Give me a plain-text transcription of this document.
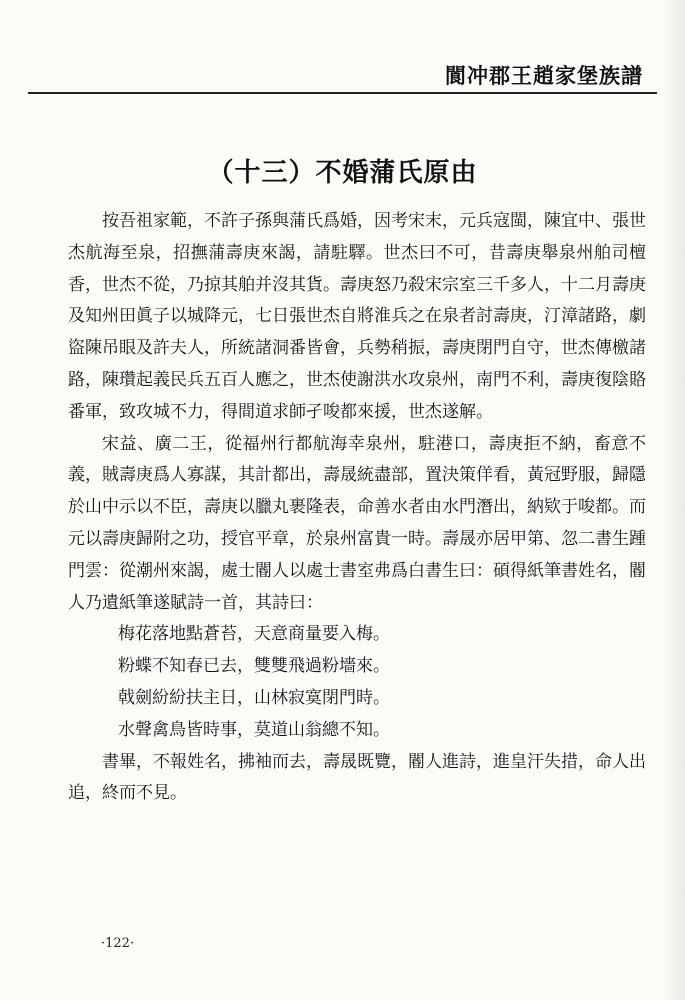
閬冲郡王趙家堡族譜
（十三）不婚蒲氏原由

按吾祖家範，不許子孫與蒲氏爲婚，因考宋末，元兵寇閩，陳宜中、張世杰航海至泉，招撫蒲壽庚來謁，請駐驛。世杰曰不可，昔壽庚舉泉州舶司檀香，世杰不從，乃掠其舶并沒其貨。壽庚怒乃殺宋宗室三千多人，十二月壽庚及知州田眞子以城降元，七日張世杰自將淮兵之在泉者討壽庚，汀漳諸路，劇盜陳吊眼及許夫人，所統諸洞番皆會，兵勢稍振，壽庚閉門自守，世杰傳檄諸路，陳瓚起義民兵五百人應之，世杰使謝洪水攻泉州，南門不利，壽庚復陰賂番軍，致攻城不力，得間道求師孑唆都來援，世杰遂解。

宋益、廣二王，從福州行都航海幸泉州，駐港口，壽庚拒不納，畜意不義，賊壽庚爲人寡謀，其計都出，壽晟統盡部，置決策佯看，黃冠野服，歸隱於山中示以不臣，壽庚以臘丸裹隆表，命善水者由水門潛出，納欵于唆都。而元以壽庚歸附之功，授官平章，於泉州富貴一時。壽晟亦居甲第、忽二書生踵門雲：從潮州來謁，處士閽人以處士書室弗爲白書生曰：碩得紙筆書姓名，閽人乃遺紙筆遂賦詩一首，其詩曰：

梅花落地點蒼苔，天意商量要入梅。

粉蝶不知春已去，雙雙飛過粉墻來。

戟劍紛紛扶主日，山林寂寞閉門時。

水聲禽鳥皆時事，莫道山翁總不知。

書畢，不報姓名，拂袖而去，壽晟既覽，閽人進詩，進皇汗失措，命人出追，終而不見。

·122·
